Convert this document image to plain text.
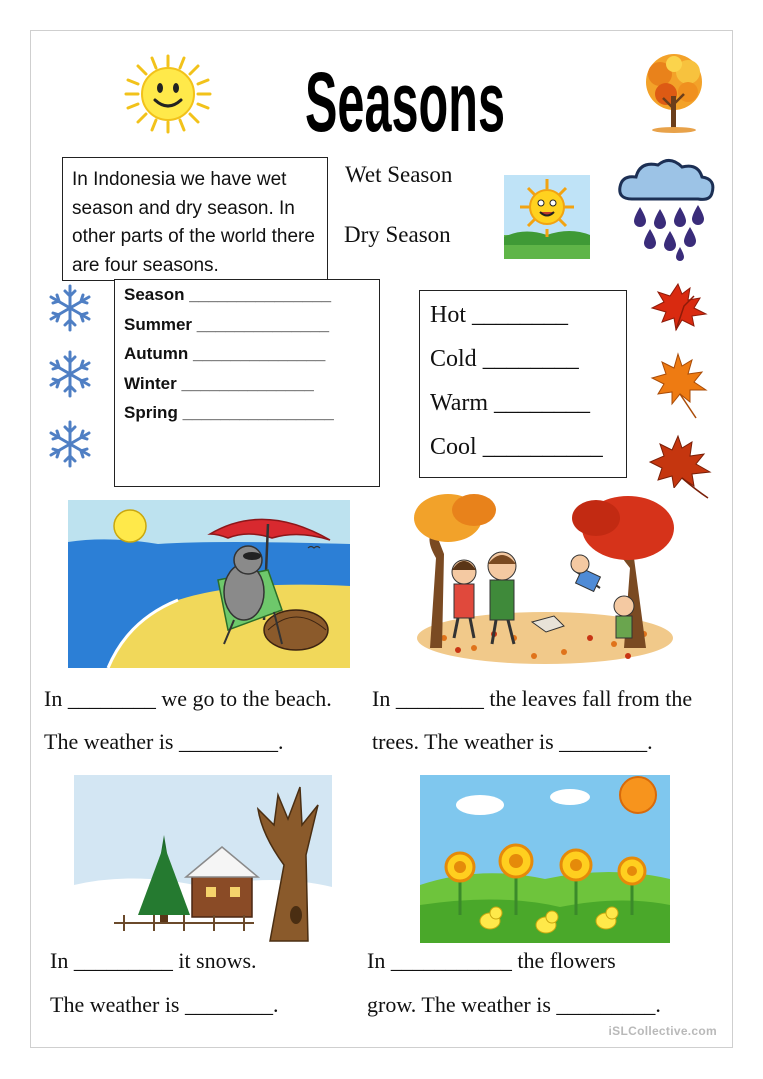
Seasons
In Indonesia we have wet season and dry season. In other parts of the world there are four seasons.
Wet Season
Dry Season
Season _______________
Summer ______________
Autumn ______________
Winter ______________
Spring ________________
Hot ________
Cold ________
Warm ________
Cool __________
In ________ we go to the beach.
The weather is _________.
In ________ the leaves fall from the
trees. The weather is ________.
In _________ it snows.
The weather is ________.
In ___________ the flowers
grow. The weather is _________.
iSLCollective.com
